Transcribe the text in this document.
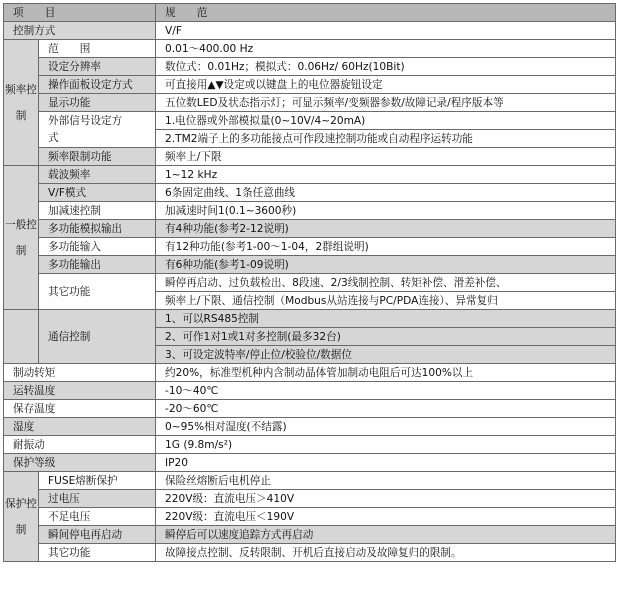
项　　目		规　　范
控制方式		V/F
频率控制	范　　围	0.01～400.00 Hz
	设定分辨率	数位式：0.01Hz；模拟式：0.06Hz/ 60Hz(10Bit)
	操作面板设定方式	可直接用▲▼设定或以键盘上的电位器旋钮设定
	显示功能	五位数LED及状态指示灯；可显示频率/变频器参数/故障记录/程序版本等
	外部信号设定方式	1.电位器或外部模拟量(0~10V/4~20mA)
		2.TM2端子上的多功能接点可作段速控制功能或自动程序运转功能
	频率限制功能	频率上/下限
一般控制	载波频率	1~12 kHz
	V/F模式	6条固定曲线、1条任意曲线
	加减速控制	加减速时间1(0.1~3600秒)
	多功能模拟输出	有4种功能(参考2-12说明)
	多功能输入	有12种功能(参考1-00～1-04，2群组说明)
	多功能输出	有6种功能(参考1-09说明)
	其它功能	瞬停再启动、过负载检出、8段速、2/3线制控制、转矩补偿、滑差补偿、
		频率上/下限、通信控制（Modbus从站连接与PC/PDA连接）、异常复归
	通信控制	1、可以RS485控制
		2、可作1对1或1对多控制(最多32台)
		3、可设定波特率/停止位/校验位/数据位
制动转矩		约20%，标准型机种内含制动晶体管加制动电阻后可达100%以上
运转温度		-10～40℃
保存温度		-20～60℃
湿度		0~95%相对湿度(不结露)
耐振动		1G (9.8m/s²)
保护等级		IP20
保护控制	FUSE熔断保护	保险丝熔断后电机停止
	过电压	220V级：直流电压＞410V
	不足电压	220V级：直流电压＜190V
	瞬间停电再启动	瞬停后可以速度追踪方式再启动
	其它功能	故障接点控制、反转限制、开机后直接启动及故障复归的限制。
